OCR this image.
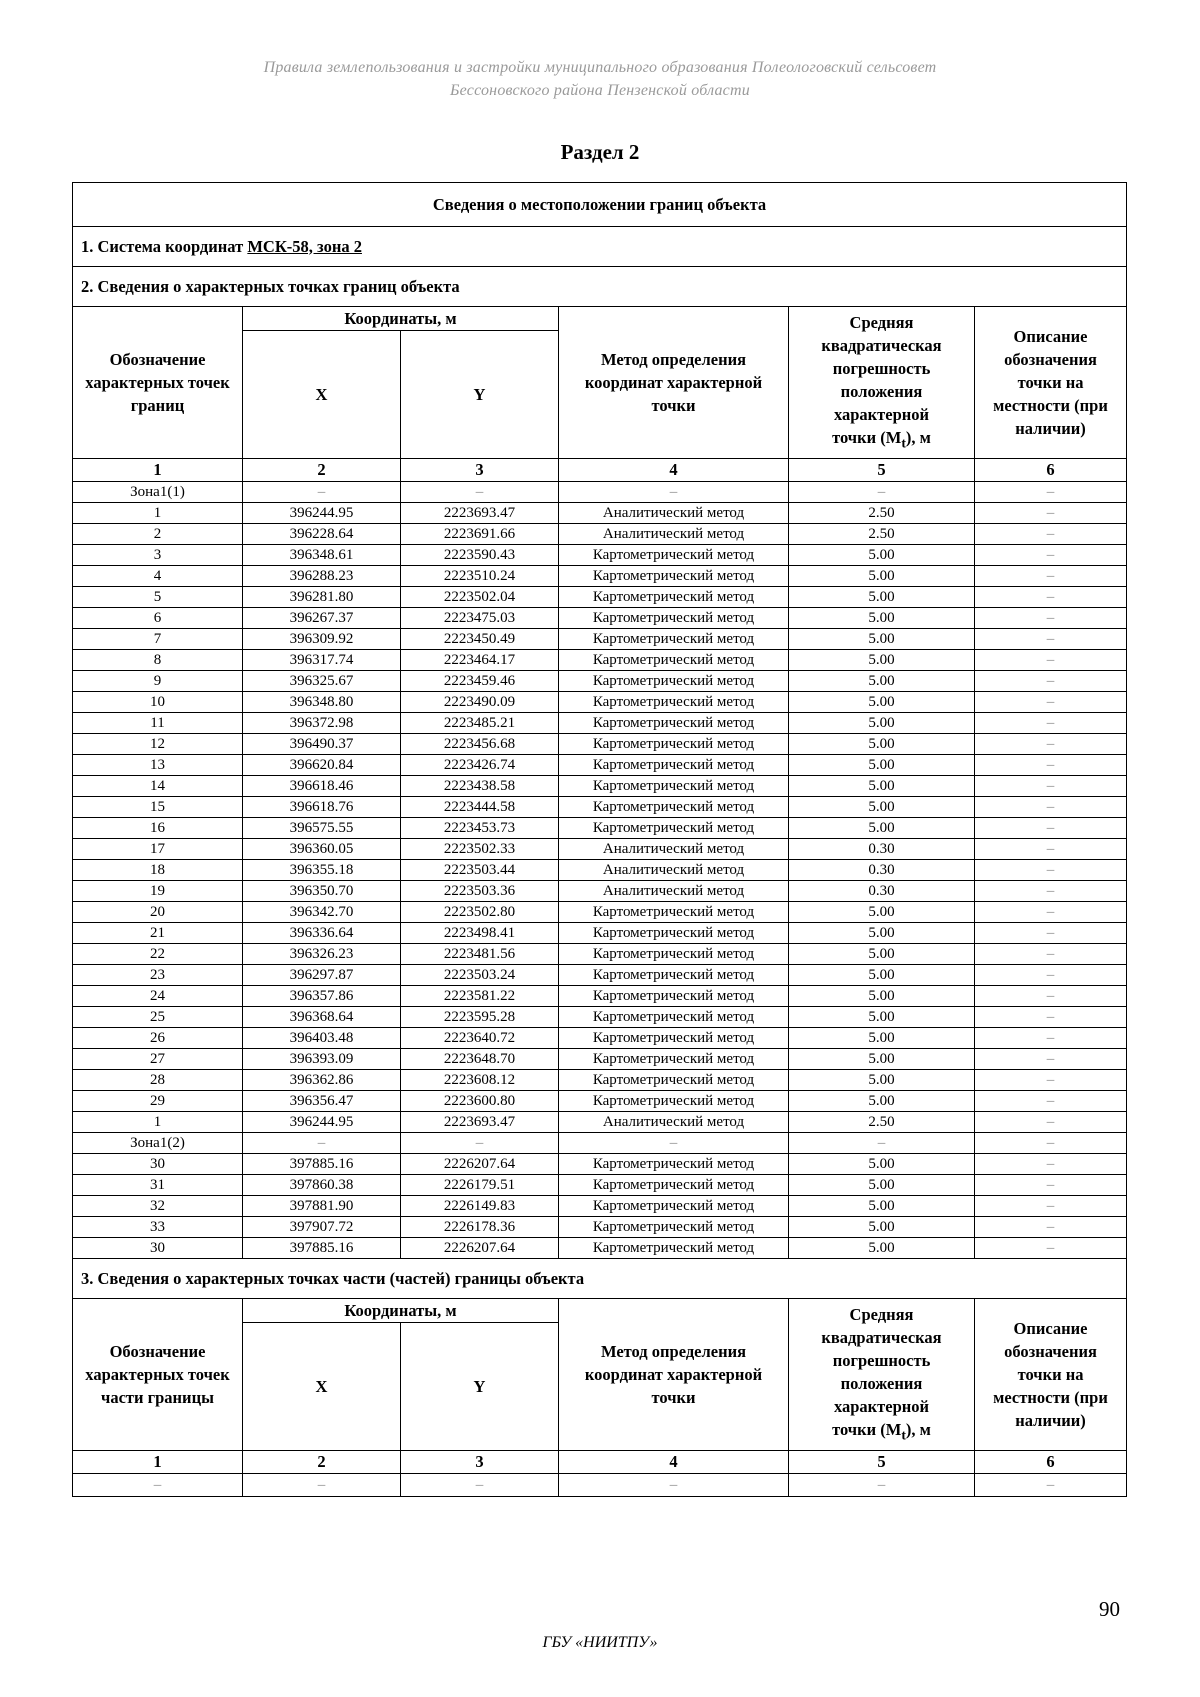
Правила землепользования и застройки муниципального образования Полеологовский сельсовет
Бессоновского района Пензенской области
Раздел 2
Сведения о местоположении границ объекта					
1. Система координат МСК-58, зона 2					
2. Сведения о характерных точках границ объекта					
Обозначение характерных точек границ	Координаты, м		Метод определения координат характерной точки	Средняя квадратическая погрешность положения характерной
точки $(M_t)$, м	Описание обозначения точки на местности (при наличии)
	X	Y			
1	2	3	4	5	6
Зона1(1)	–	–	–	–	–
1	396244.95	2223693.47	Аналитический метод	2.50	–
2	396228.64	2223691.66	Аналитический метод	2.50	–
3	396348.61	2223590.43	Картометрический метод	5.00	–
4	396288.23	2223510.24	Картометрический метод	5.00	–
5	396281.80	2223502.04	Картометрический метод	5.00	–
6	396267.37	2223475.03	Картометрический метод	5.00	–
7	396309.92	2223450.49	Картометрический метод	5.00	–
8	396317.74	2223464.17	Картометрический метод	5.00	–
9	396325.67	2223459.46	Картометрический метод	5.00	–
10	396348.80	2223490.09	Картометрический метод	5.00	–
11	396372.98	2223485.21	Картометрический метод	5.00	–
12	396490.37	2223456.68	Картометрический метод	5.00	–
13	396620.84	2223426.74	Картометрический метод	5.00	–
14	396618.46	2223438.58	Картометрический метод	5.00	–
15	396618.76	2223444.58	Картометрический метод	5.00	–
16	396575.55	2223453.73	Картометрический метод	5.00	–
17	396360.05	2223502.33	Аналитический метод	0.30	–
18	396355.18	2223503.44	Аналитический метод	0.30	–
19	396350.70	2223503.36	Аналитический метод	0.30	–
20	396342.70	2223502.80	Картометрический метод	5.00	–
21	396336.64	2223498.41	Картометрический метод	5.00	–
22	396326.23	2223481.56	Картометрический метод	5.00	–
23	396297.87	2223503.24	Картометрический метод	5.00	–
24	396357.86	2223581.22	Картометрический метод	5.00	–
25	396368.64	2223595.28	Картометрический метод	5.00	–
26	396403.48	2223640.72	Картометрический метод	5.00	–
27	396393.09	2223648.70	Картометрический метод	5.00	–
28	396362.86	2223608.12	Картометрический метод	5.00	–
29	396356.47	2223600.80	Картометрический метод	5.00	–
1	396244.95	2223693.47	Аналитический метод	2.50	–
Зона1(2)	–	–	–	–	–
30	397885.16	2226207.64	Картометрический метод	5.00	–
31	397860.38	2226179.51	Картометрический метод	5.00	–
32	397881.90	2226149.83	Картометрический метод	5.00	–
33	397907.72	2226178.36	Картометрический метод	5.00	–
30	397885.16	2226207.64	Картометрический метод	5.00	–
3. Сведения о характерных точках части (частей) границы объекта					
Обозначение характерных точек части границы	Координаты, м		Метод определения координат характерной точки	Средняя квадратическая погрешность положения характерной
точки $(M_t)$, м	Описание обозначения точки на местности (при наличии)
	X	Y			
1	2	3	4	5	6
–	–	–	–	–	–
90
ГБУ «НИИТПУ»
